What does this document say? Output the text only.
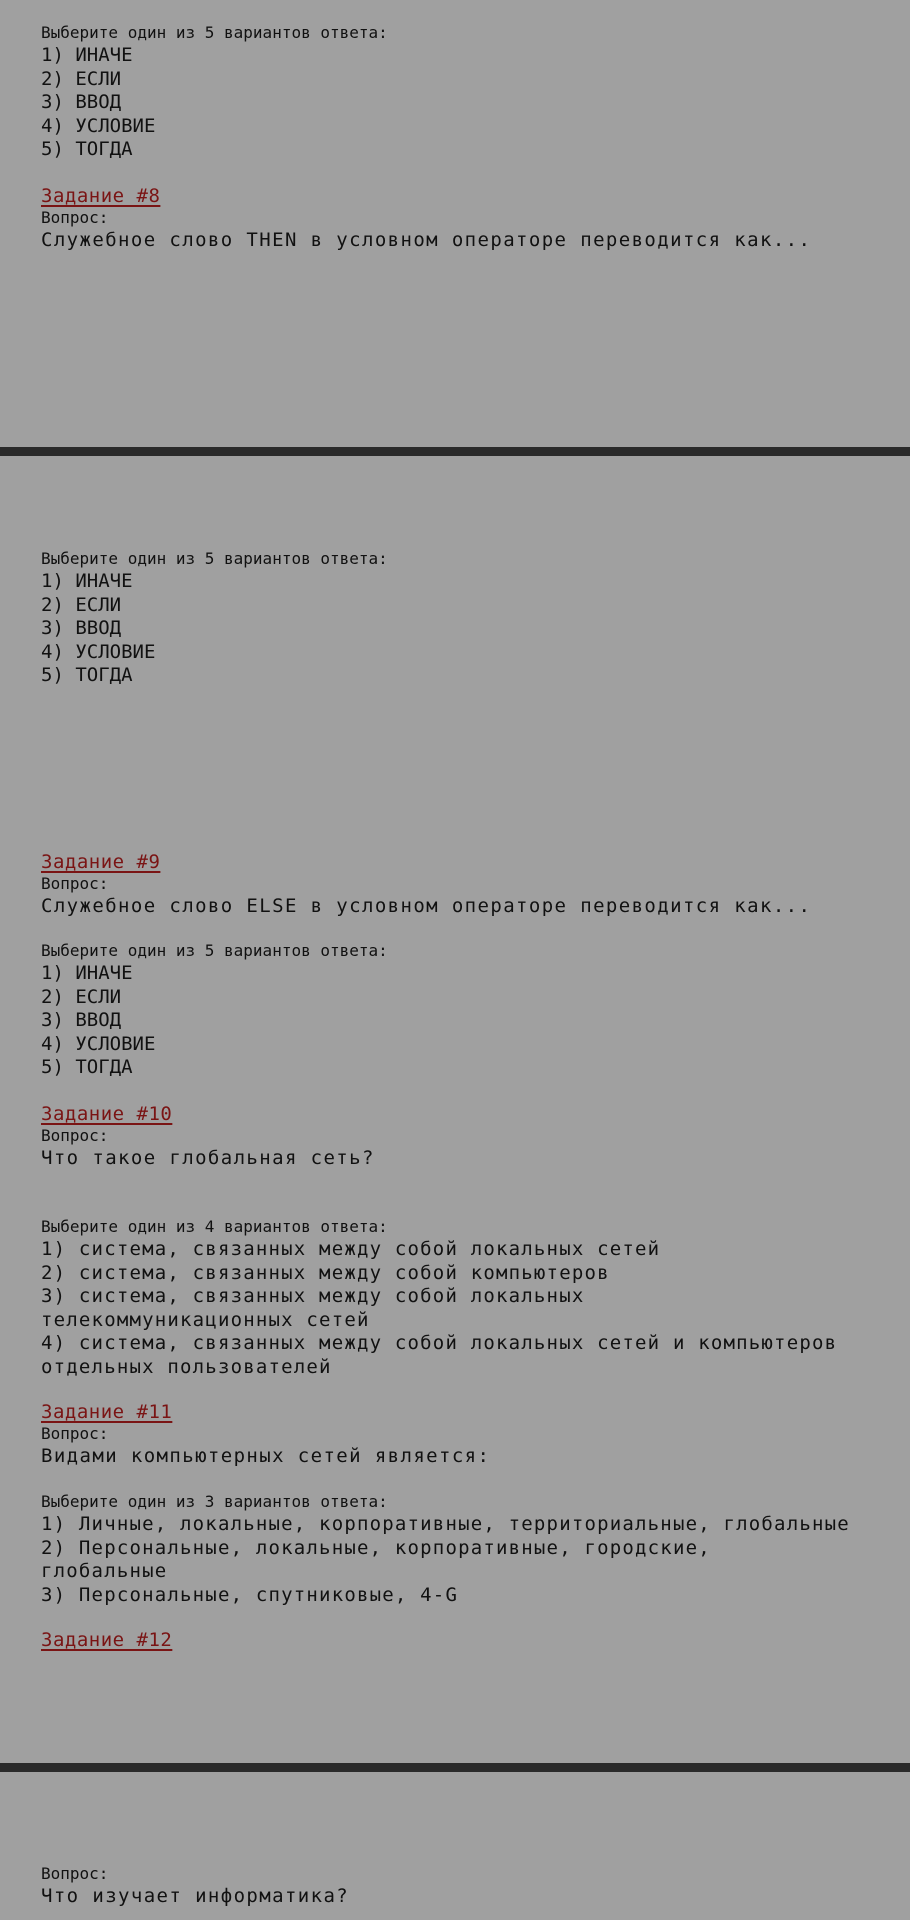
Выберите один из 5 вариантов ответа:
1) ИНАЧЕ
2) ЕСЛИ
3) ВВОД
4) УСЛОВИЕ
5) ТОГДА
Задание #8
Вопрос:
Служебное слово THEN в условном операторе переводится как...
Выберите один из 5 вариантов ответа:
1) ИНАЧЕ
2) ЕСЛИ
3) ВВОД
4) УСЛОВИЕ
5) ТОГДА
Задание #9
Вопрос:
Служебное слово ELSE в условном операторе переводится как...
Выберите один из 5 вариантов ответа:
1) ИНАЧЕ
2) ЕСЛИ
3) ВВОД
4) УСЛОВИЕ
5) ТОГДА
Задание #10
Вопрос:
Что такое глобальная сеть?
Выберите один из 4 вариантов ответа:
1) система, связанных между собой локальных сетей
2) система, связанных между собой компьютеров
3) система, связанных между собой локальных телекоммуникационных сетей
4) система, связанных между собой локальных сетей и компьютеров отдельных пользователей
Задание #11
Вопрос:
Видами компьютерных сетей является:
Выберите один из 3 вариантов ответа:
1) Личные, локальные, корпоративные, территориальные, глобальные
2) Персональные, локальные, корпоративные, городские, глобальные
3) Персональные, спутниковые, 4-G
Задание #12
Вопрос:
Что изучает информатика?
